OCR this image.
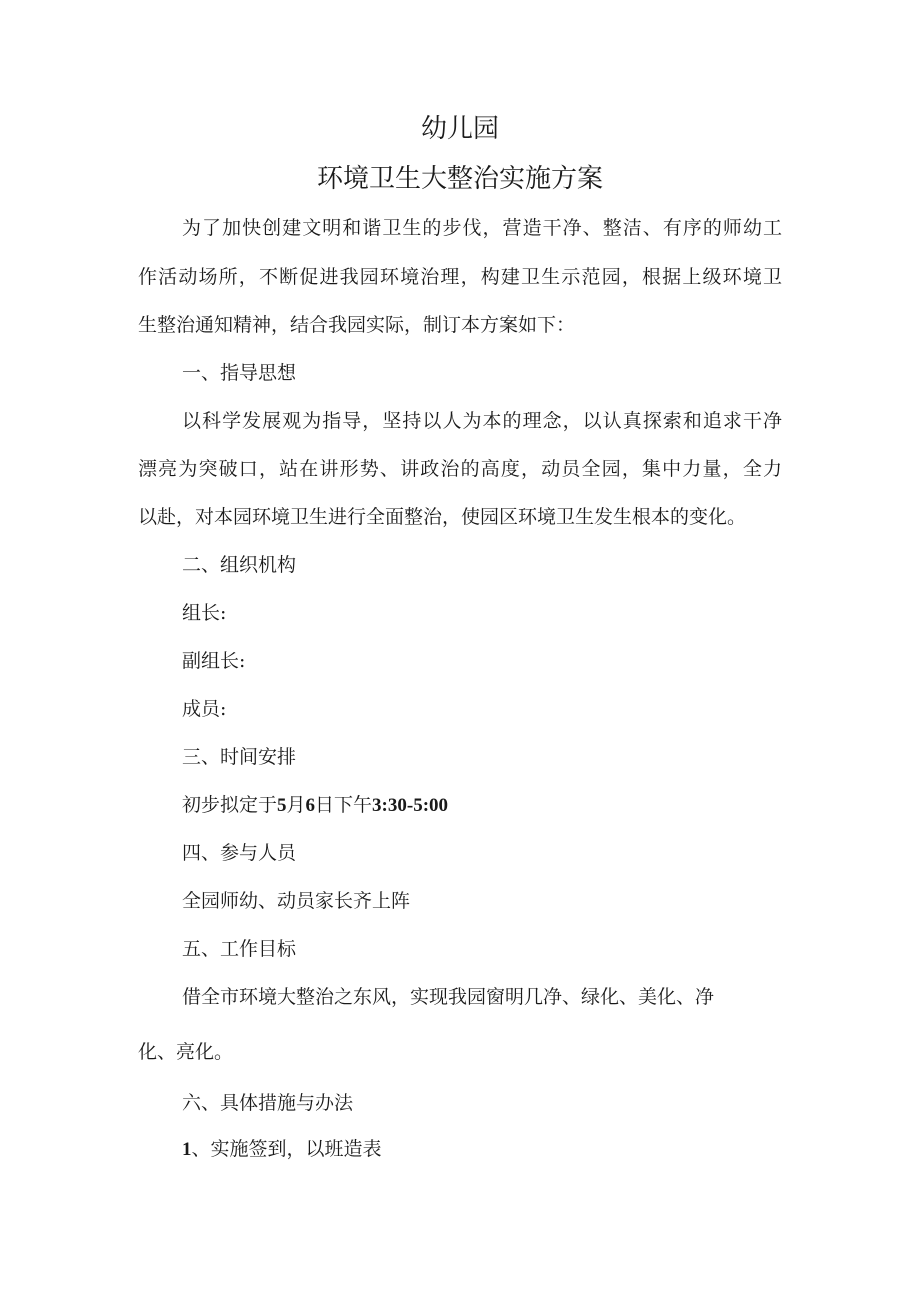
幼儿园
环境卫生大整治实施方案
为了加快创建文明和谐卫生的步伐，营造干净、整洁、有序的师幼工
作活动场所，不断促进我园环境治理，构建卫生示范园，根据上级环境卫
生整治通知精神，结合我园实际，制订本方案如下：
一、指导思想
以科学发展观为指导，坚持以人为本的理念，以认真探索和追求干净
漂亮为突破口，站在讲形势、讲政治的高度，动员全园，集中力量，全力
以赴，对本园环境卫生进行全面整治，使园区环境卫生发生根本的变化。
二、组织机构
组长:
副组长:
成员:
三、时间安排
初步拟定于5月6日下午3:30-5:00
四、参与人员
全园师幼、动员家长齐上阵
五、工作目标
借全市环境大整治之东风，实现我园窗明几净、绿化、美化、净
化、亮化。
六、具体措施与办法
1、实施签到，以班造表
